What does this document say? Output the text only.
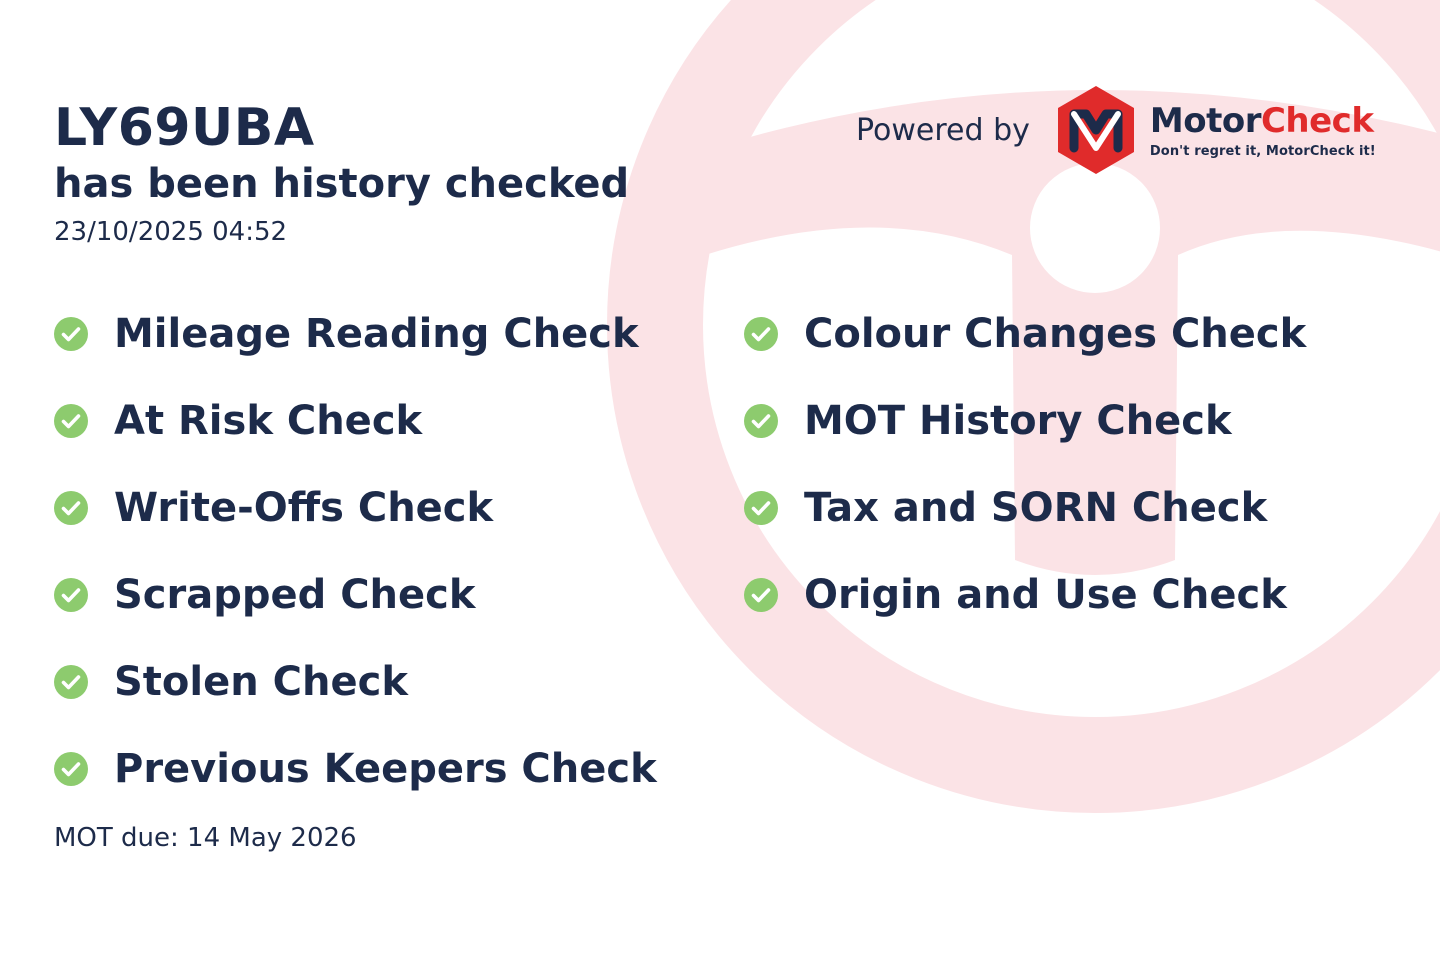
LY69UBA
has been history checked
23/10/2025 04:52
Powered by	MotorCheck
Don't regret it, MotorCheck it!
Mileage Reading Check
At Risk Check
Write-Offs Check
Scrapped Check
Stolen Check
Previous Keepers Check
Colour Changes Check
MOT History Check
Tax and SORN Check
Origin and Use Check
MOT due: 14 May 2026
